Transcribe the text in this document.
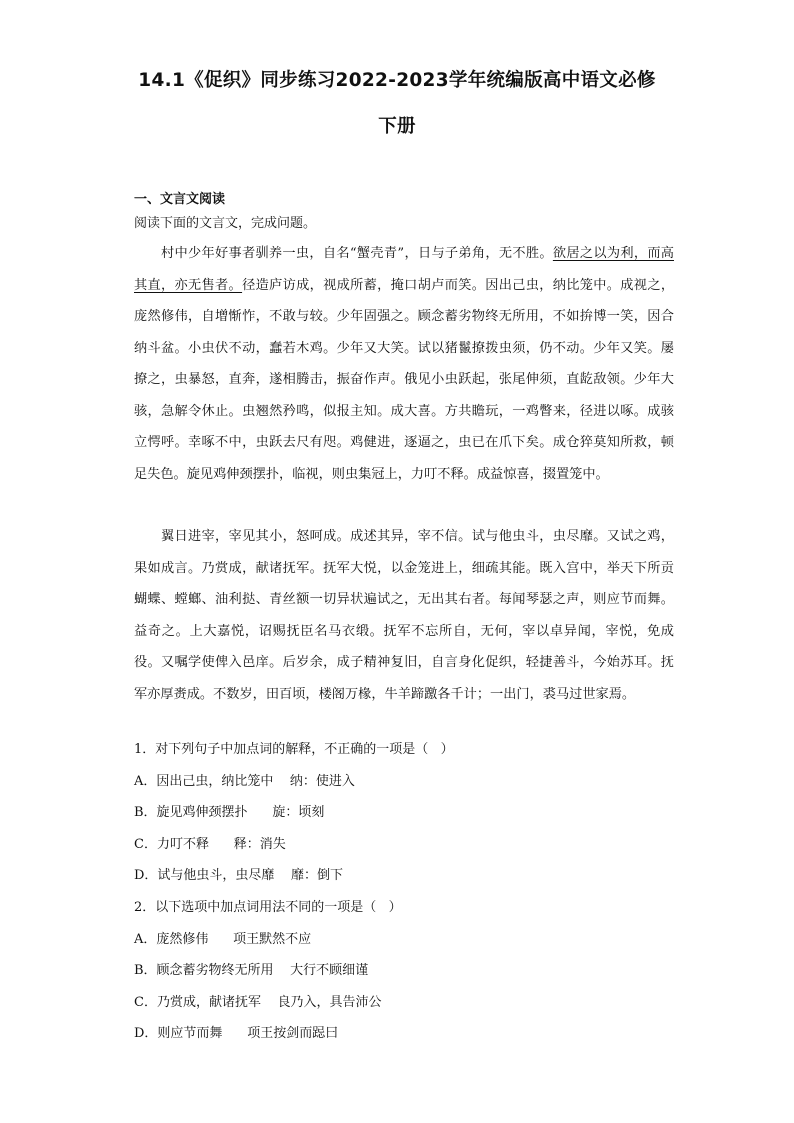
14.1《促织》同步练习2022-2023学年统编版高中语文必修
下册
一、文言文阅读

阅读下面的文言文，完成问题。

村中少年好事者驯养一虫，自名“蟹壳青”，日与子弟角，无不胜。欲居之以为利，而高其直，亦无售者。径造庐访成，视成所蓄，掩口胡卢而笑。因出己虫，纳比笼中。成视之，庞然修伟，自增惭怍，不敢与较。少年固强之。顾念蓄劣物终无所用，不如拚博一笑，因合纳斗盆。小虫伏不动，蠢若木鸡。少年又大笑。试以猪鬣撩拨虫须，仍不动。少年又笑。屡撩之，虫暴怒，直奔，遂相腾击，振奋作声。俄见小虫跃起，张尾伸须，直龁敌领。少年大骇，急解令休止。虫翘然矜鸣，似报主知。成大喜。方共瞻玩，一鸡瞥来，径进以啄。成骇立愕呼。幸啄不中，虫跃去尺有咫。鸡健进，逐逼之，虫已在爪下矣。成仓猝莫知所救，顿足失色。旋见鸡伸颈摆扑，临视，则虫集冠上，力叮不释。成益惊喜，掇置笼中。

翼日进宰，宰见其小，怒呵成。成述其异，宰不信。试与他虫斗，虫尽靡。又试之鸡，果如成言。乃赏成，献诸抚军。抚军大悦，以金笼进上，细疏其能。既入宫中，举天下所贡蝴蝶、螳螂、油利挞、青丝额一切异状遍试之，无出其右者。每闻琴瑟之声，则应节而舞。益奇之。上大嘉悦，诏赐抚臣名马衣缎。抚军不忘所自，无何，宰以卓异闻，宰悦，免成役。又嘱学使俾入邑庠。后岁余，成子精神复旧，自言身化促织，轻捷善斗，今始苏耳。抚军亦厚赉成。不数岁，田百顷，楼阁万椽，牛羊蹄躈各千计；一出门，裘马过世家焉。

1．对下列句子中加点词的解释，不正确的一项是（   ）
A．因出己虫，纳比笼中    纳：使进入
B．旋见鸡伸颈摆扑      旋：顷刻
C．力叮不释      释：消失
D．试与他虫斗，虫尽靡    靡：倒下
2．以下选项中加点词用法不同的一项是（   ）
A．庞然修伟      项王默然不应
B．顾念蓄劣物终无所用    大行不顾细谨
C．乃赏成，献诸抚军    良乃入，具告沛公
D．则应节而舞      项王按剑而跽曰
